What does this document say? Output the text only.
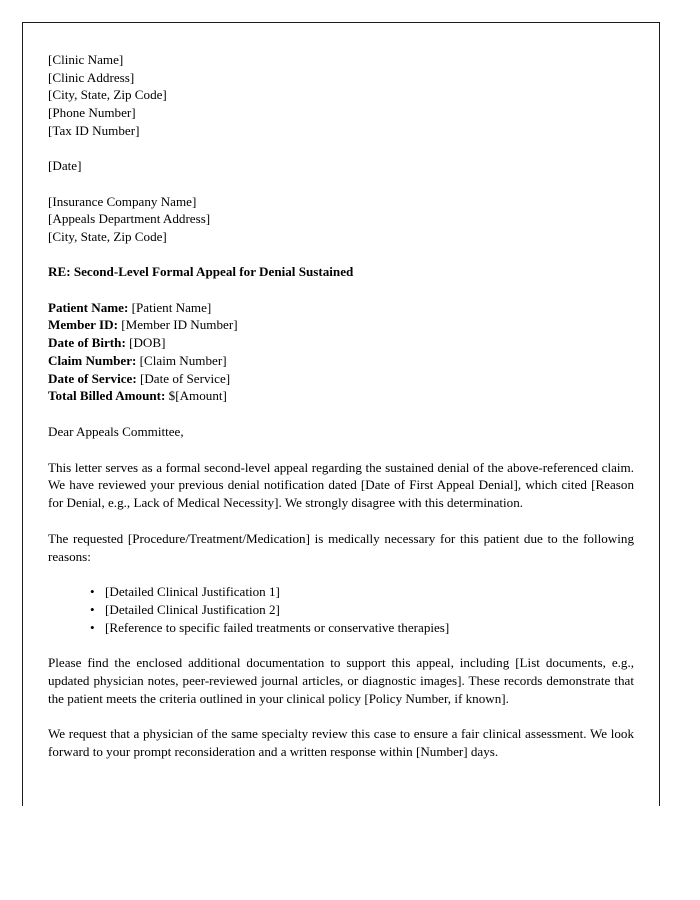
[Clinic Name]
[Clinic Address]
[City, State, Zip Code]
[Phone Number]
[Tax ID Number]
[Date]
[Insurance Company Name]
[Appeals Department Address]
[City, State, Zip Code]

RE: Second-Level Formal Appeal for Denial Sustained

Patient Name: [Patient Name]
Member ID: [Member ID Number]
Date of Birth: [DOB]
Claim Number: [Claim Number]
Date of Service: [Date of Service]
Total Billed Amount: $[Amount]

Dear Appeals Committee,

This letter serves as a formal second-level appeal regarding the sustained denial of the above-referenced claim. We have reviewed your previous denial notification dated [Date of First Appeal Denial], which cited [Reason for Denial, e.g., Lack of Medical Necessity]. We strongly disagree with this determination.

The requested [Procedure/Treatment/Medication] is medically necessary for this patient due to the following reasons:

• [Detailed Clinical Justification 1]
• [Detailed Clinical Justification 2]
• [Reference to specific failed treatments or conservative therapies]

Please find the enclosed additional documentation to support this appeal, including [List documents, e.g., updated physician notes, peer-reviewed journal articles, or diagnostic images]. These records demonstrate that the patient meets the criteria outlined in your clinical policy [Policy Number, if known].

We request that a physician of the same specialty review this case to ensure a fair clinical assessment. We look forward to your prompt reconsideration and a written response within [Number] days.
